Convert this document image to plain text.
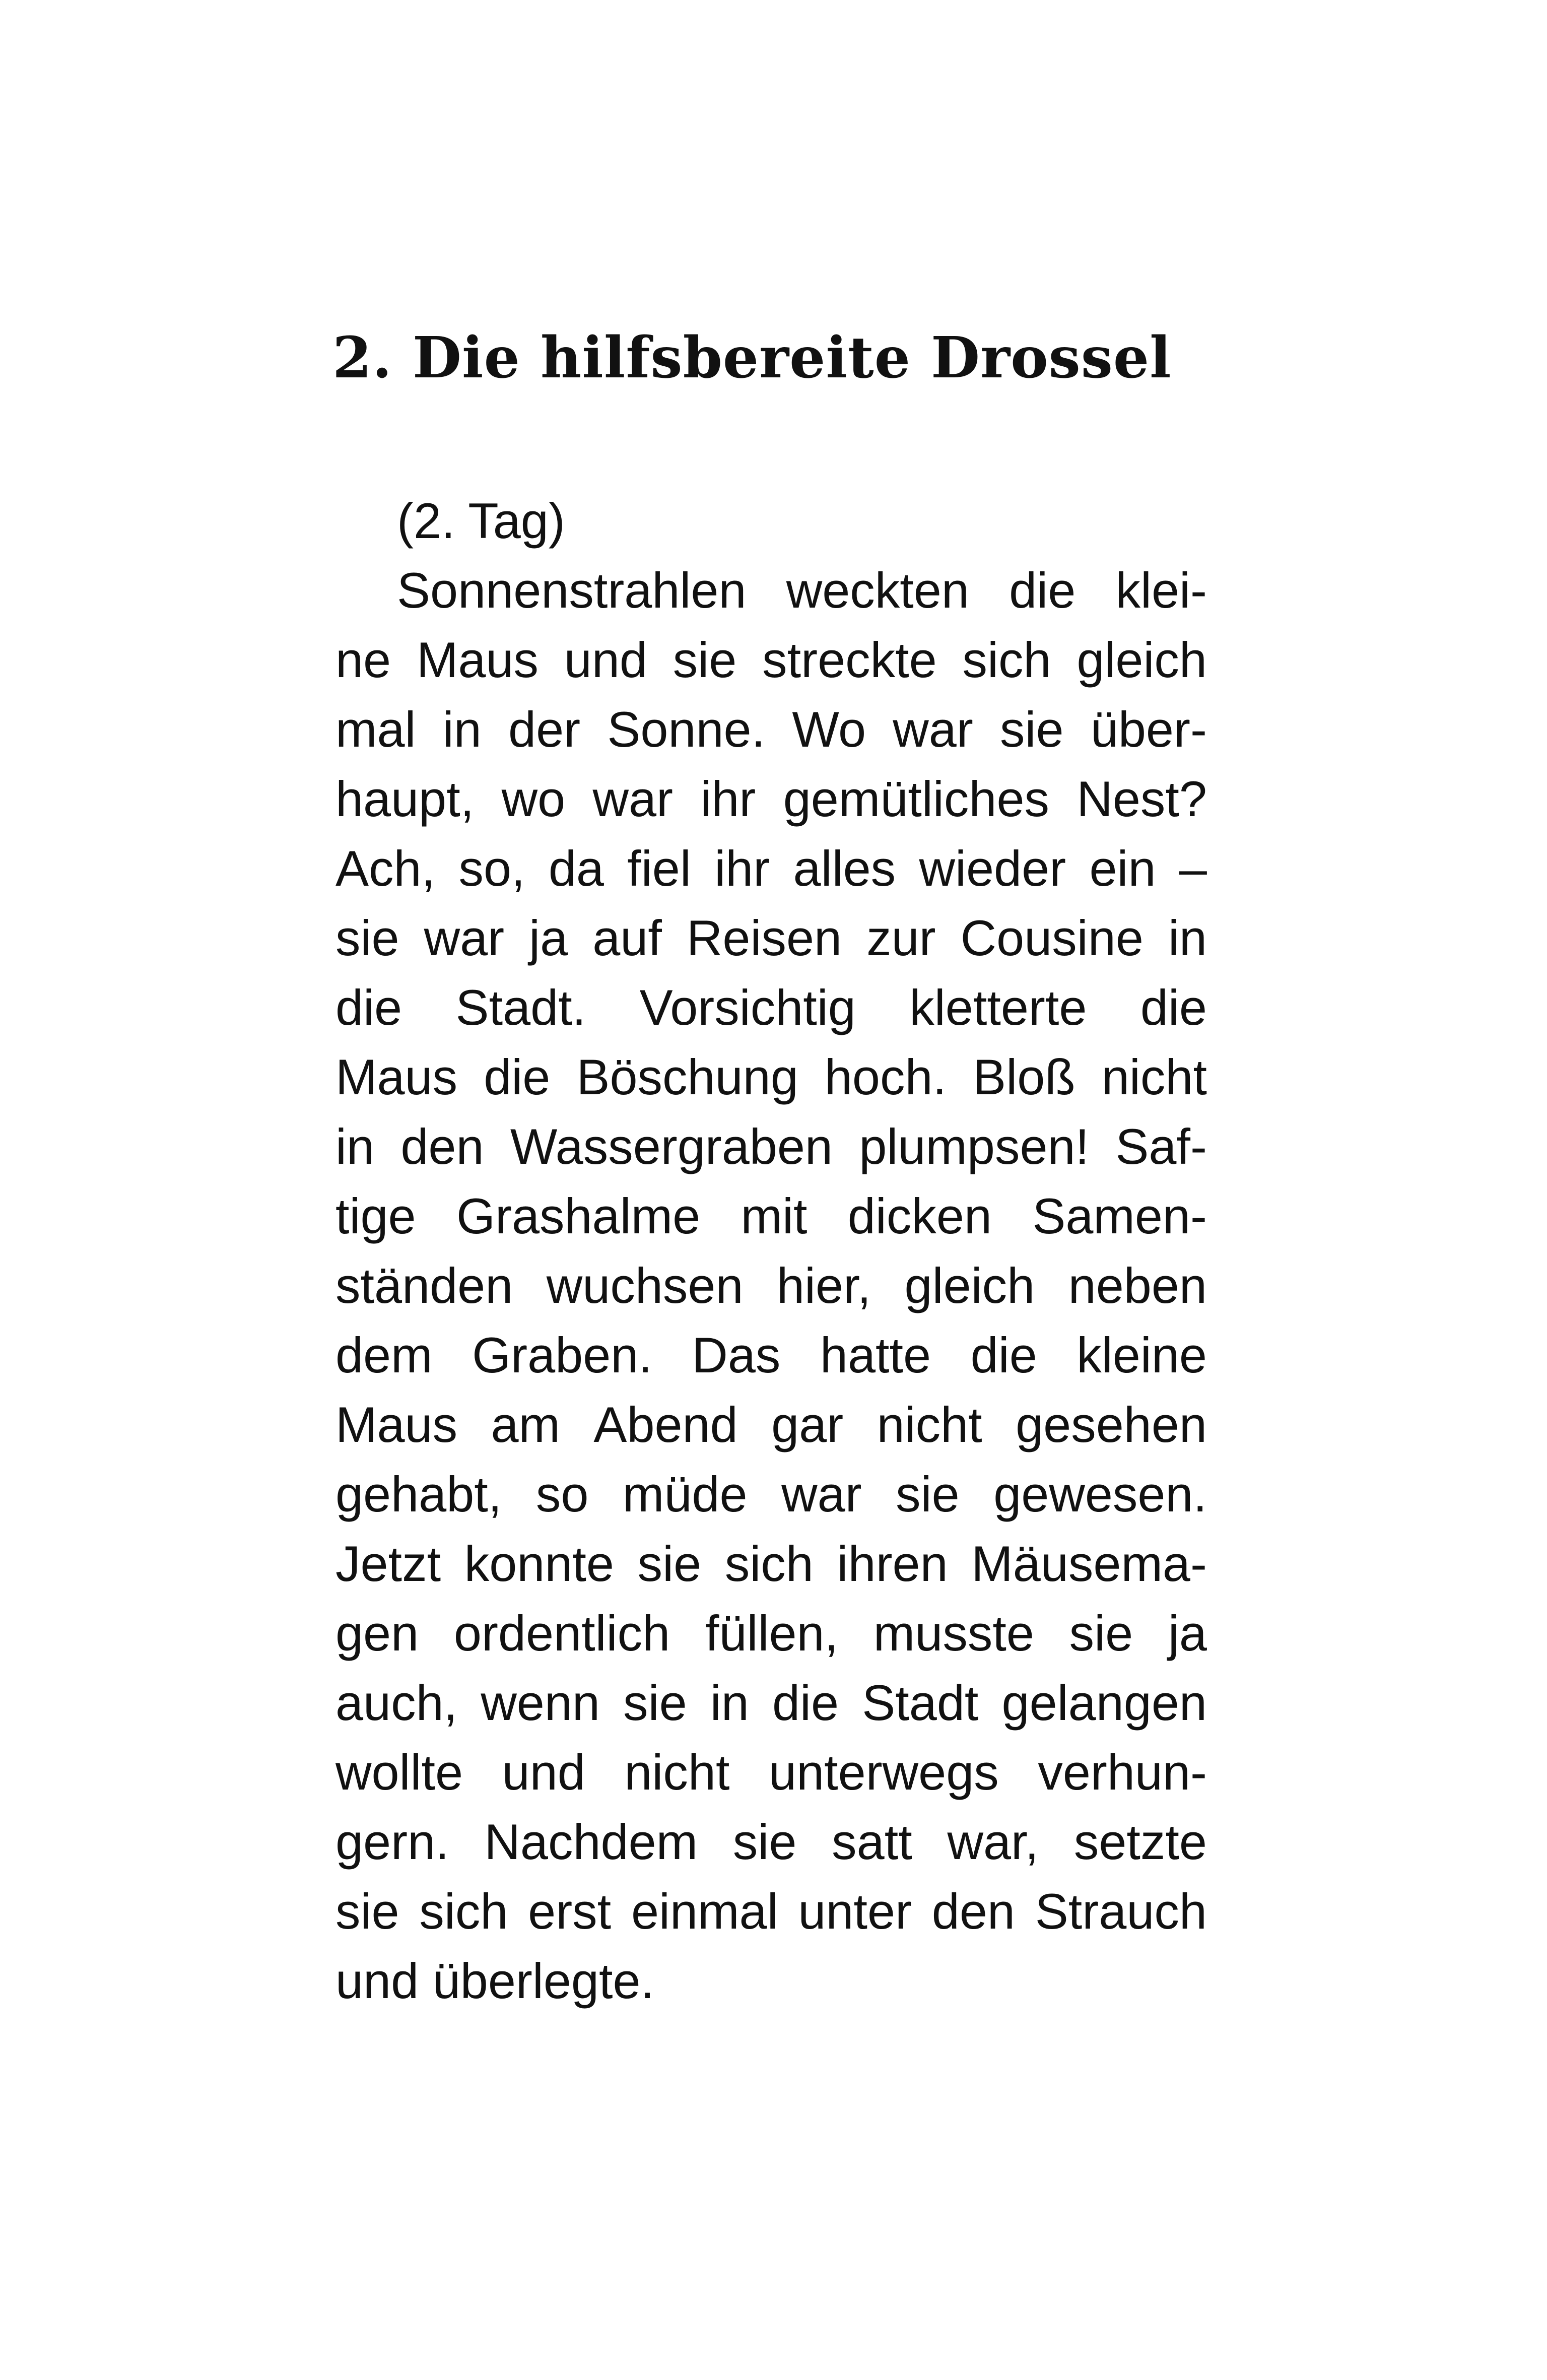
2. Die hilfsbereite Drossel

(2. Tag)

Sonnenstrahlen weckten die klei-
ne Maus und sie streckte sich gleich
mal in der Sonne. Wo war sie über-
haupt, wo war ihr gemütliches Nest?
Ach, so, da fiel ihr alles wieder ein –
sie war ja auf Reisen zur Cousine in
die Stadt. Vorsichtig kletterte die
Maus die Böschung hoch. Bloß nicht
in den Wassergraben plumpsen! Saf-
tige Grashalme mit dicken Samen-
ständen wuchsen hier, gleich neben
dem Graben. Das hatte die kleine
Maus am Abend gar nicht gesehen
gehabt, so müde war sie gewesen.
Jetzt konnte sie sich ihren Mäusema-
gen ordentlich füllen, musste sie ja
auch, wenn sie in die Stadt gelangen
wollte und nicht unterwegs verhun-
gern. Nachdem sie satt war, setzte
sie sich erst einmal unter den Strauch
und überlegte.
